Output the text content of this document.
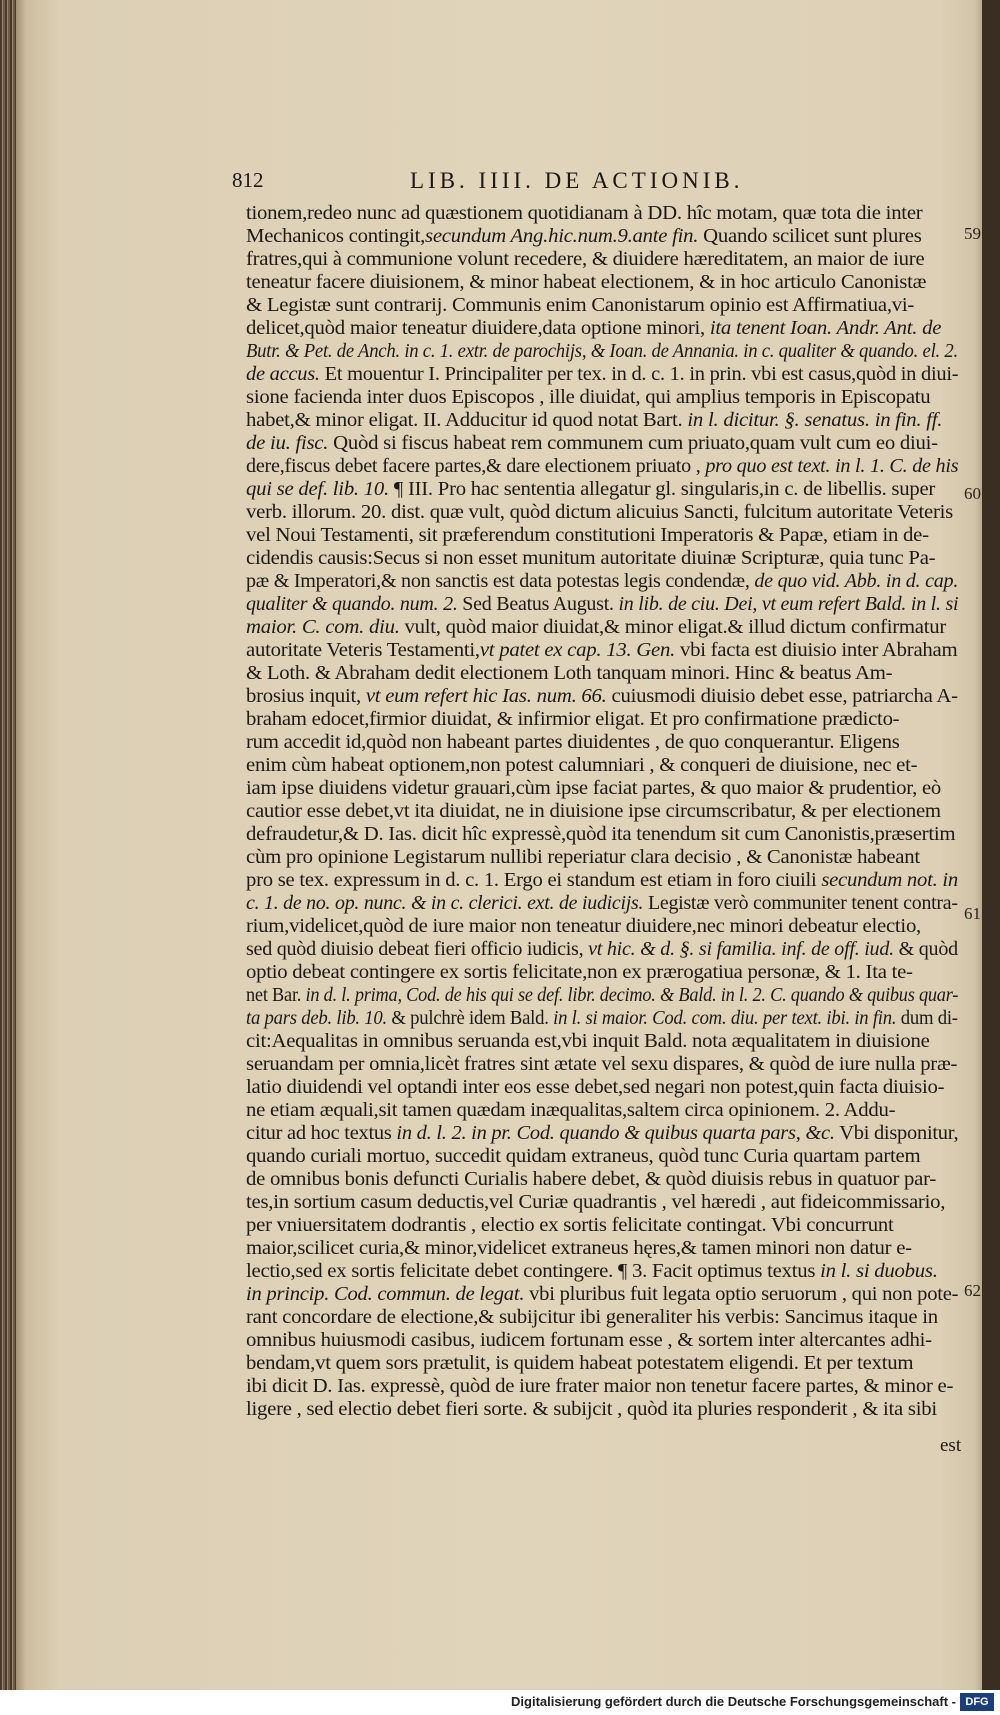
812	LIB. IIII. DE ACTIONIB.
tionem,redeo nunc ad quæstionem quotidianam à DD. hîc motam, quæ tota die inter
Mechanicos contingit,secundum Ang.hic.num.9.ante fin. Quando scilicet sunt plures
fratres,qui à communione volunt recedere, & diuidere hæreditatem, an maior de iure
teneatur facere diuisionem, & minor habeat electionem, & in hoc articulo Canonistæ
& Legistæ sunt contrarij. Communis enim Canonistarum opinio est Affirmatiua,vi-
delicet,quòd maior teneatur diuidere,data optione minori, ita tenent Ioan. Andr. Ant. de
Butr. & Pet. de Anch. in c. 1. extr. de parochijs, & Ioan. de Annania. in c. qualiter & quando. el. 2.
de accus. Et mouentur I. Principaliter per tex. in d. c. 1. in prin. vbi est casus,quòd in diui-
sione facienda inter duos Episcopos , ille diuidat, qui amplius temporis in Episcopatu
habet,& minor eligat. II. Adducitur id quod notat Bart. in l. dicitur. §. senatus. in fin. ff.
de iu. fisc. Quòd si fiscus habeat rem communem cum priuato,quam vult cum eo diui-
dere,fiscus debet facere partes,& dare electionem priuato , pro quo est text. in l. 1. C. de his
qui se def. lib. 10. ¶ III. Pro hac sententia allegatur gl. singularis,in c. de libellis. super
verb. illorum. 20. dist. quæ vult, quòd dictum alicuius Sancti, fulcitum autoritate Veteris
vel Noui Testamenti, sit præferendum constitutioni Imperatoris & Papæ, etiam in de-
cidendis causis:Secus si non esset munitum autoritate diuinæ Scripturæ, quia tunc Pa-
pæ & Imperatori,& non sanctis est data potestas legis condendæ, de quo vid. Abb. in d. cap.
qualiter & quando. num. 2. Sed Beatus August. in lib. de ciu. Dei, vt eum refert Bald. in l. si
maior. C. com. diu. vult, quòd maior diuidat,& minor eligat.& illud dictum confirmatur
autoritate Veteris Testamenti,vt patet ex cap. 13. Gen. vbi facta est diuisio inter Abraham
& Loth. & Abraham dedit electionem Loth tanquam minori. Hinc & beatus Am-
brosius inquit, vt eum refert hic Ias. num. 66. cuiusmodi diuisio debet esse, patriarcha A-
braham edocet,firmior diuidat, & infirmior eligat. Et pro confirmatione prædicto-
rum accedit id,quòd non habeant partes diuidentes , de quo conquerantur. Eligens
enim cùm habeat optionem,non potest calumniari , & conqueri de diuisione, nec et-
iam ipse diuidens videtur grauari,cùm ipse faciat partes, & quo maior & prudentior, eò
cautior esse debet,vt ita diuidat, ne in diuisione ipse circumscribatur, & per electionem
defraudetur,& D. Ias. dicit hîc expressè,quòd ita tenendum sit cum Canonistis,præsertim
cùm pro opinione Legistarum nullibi reperiatur clara decisio , & Canonistæ habeant
pro se tex. expressum in d. c. 1. Ergo ei standum est etiam in foro ciuili secundum not. in
c. 1. de no. op. nunc. & in c. clerici. ext. de iudicijs. Legistæ verò communiter tenent contra-
rium,videlicet,quòd de iure maior non teneatur diuidere,nec minori debeatur electio,
sed quòd diuisio debeat fieri officio iudicis, vt hic. & d. §. si familia. inf. de off. iud. & quòd
optio debeat contingere ex sortis felicitate,non ex prærogatiua personæ, & 1. Ita te-
net Bar. in d. l. prima, Cod. de his qui se def. libr. decimo. & Bald. in l. 2. C. quando & quibus quar-
ta pars deb. lib. 10. & pulchrè idem Bald. in l. si maior. Cod. com. diu. per text. ibi. in fin. dum di-
cit:Aequalitas in omnibus seruanda est,vbi inquit Bald. nota æqualitatem in diuisione
seruandam per omnia,licèt fratres sint ætate vel sexu dispares, & quòd de iure nulla præ-
latio diuidendi vel optandi inter eos esse debet,sed negari non potest,quin facta diuisio-
ne etiam æquali,sit tamen quædam inæqualitas,saltem circa opinionem. 2. Addu-
citur ad hoc textus in d. l. 2. in pr. Cod. quando & quibus quarta pars, &c. Vbi disponitur,
quando curiali mortuo, succedit quidam extraneus, quòd tunc Curia quartam partem
de omnibus bonis defuncti Curialis habere debet, & quòd diuisis rebus in quatuor par-
tes,in sortium casum deductis,vel Curiæ quadrantis , vel hæredi , aut fideicommissario,
per vniuersitatem dodrantis , electio ex sortis felicitate contingat. Vbi concurrunt
maior,scilicet curia,& minor,videlicet extraneus hęres,& tamen minori non datur e-
lectio,sed ex sortis felicitate debet contingere. ¶ 3. Facit optimus textus in l. si duobus.
in princip. Cod. commun. de legat. vbi pluribus fuit legata optio seruorum , qui non pote-
rant concordare de electione,& subijcitur ibi generaliter his verbis: Sancimus itaque in
omnibus huiusmodi casibus, iudicem fortunam esse , & sortem inter altercantes adhi-
bendam,vt quem sors prætulit, is quidem habeat potestatem eligendi. Et per textum
ibi dicit D. Ias. expressè, quòd de iure frater maior non tenetur facere partes, & minor e-
ligere , sed electio debet fieri sorte. & subijcit , quòd ita pluries responderit , & ita sibi
59
60
61
62
est
Digitalisierung gefördert durch die Deutsche Forschungsgemeinschaft - DFG
